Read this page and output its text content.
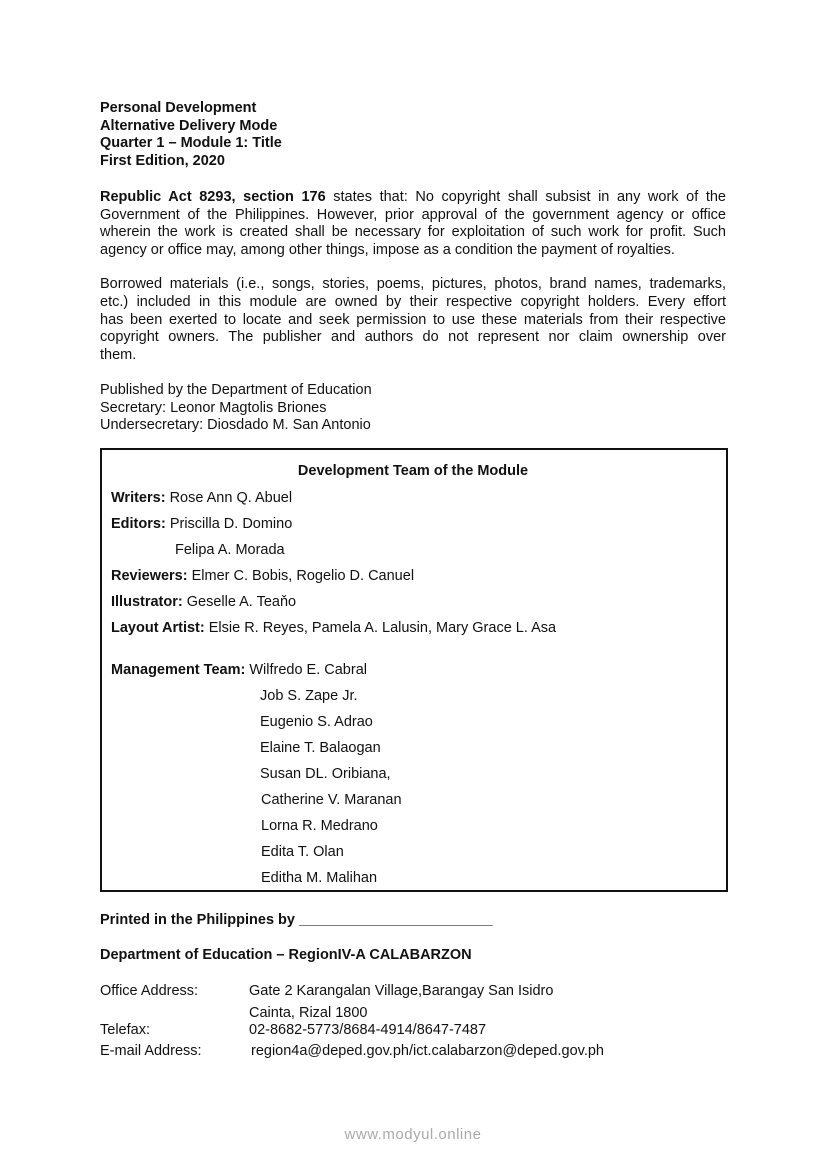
Personal Development
Alternative Delivery Mode
Quarter 1 – Module 1: Title
First Edition, 2020
Republic Act 8293, section 176 states that: No copyright shall subsist in any work of the
Government of the Philippines. However, prior approval of the government agency or office
wherein the work is created shall be necessary for exploitation of such work for profit. Such
agency or office may, among other things, impose as a condition the payment of royalties.
Borrowed materials (i.e., songs, stories, poems, pictures, photos, brand names, trademarks,
etc.) included in this module are owned by their respective copyright holders. Every effort
has been exerted to locate and seek permission to use these materials from their respective
copyright owners. The publisher and authors do not represent nor claim ownership over
them.
Published by the Department of Education
Secretary: Leonor Magtolis Briones
Undersecretary: Diosdado M. San Antonio
Development Team of the Module
Writers: Rose Ann Q. Abuel
Editors: Priscilla D. Domino
Felipa A. Morada
Reviewers: Elmer C. Bobis, Rogelio D. Canuel
Illustrator: Geselle A. Teaňo
Layout Artist: Elsie R. Reyes, Pamela A. Lalusin, Mary Grace L. Asa
Management Team: Wilfredo E. Cabral
Job S. Zape Jr.
Eugenio S. Adrao
Elaine T. Balaogan
Susan DL. Oribiana,
Catherine V. Maranan
Lorna R. Medrano
Edita T. Olan
Editha M. Malihan
Printed in the Philippines by ________________________
Department of Education – RegionIV-A CALABARZON
Office Address:	Gate 2 Karangalan Village,Barangay San Isidro
Cainta, Rizal 1800
Telefax:	02-8682-5773/8684-4914/8647-7487
E-mail Address:	region4a@deped.gov.ph/ict.calabarzon@deped.gov.ph
www.modyul.online
